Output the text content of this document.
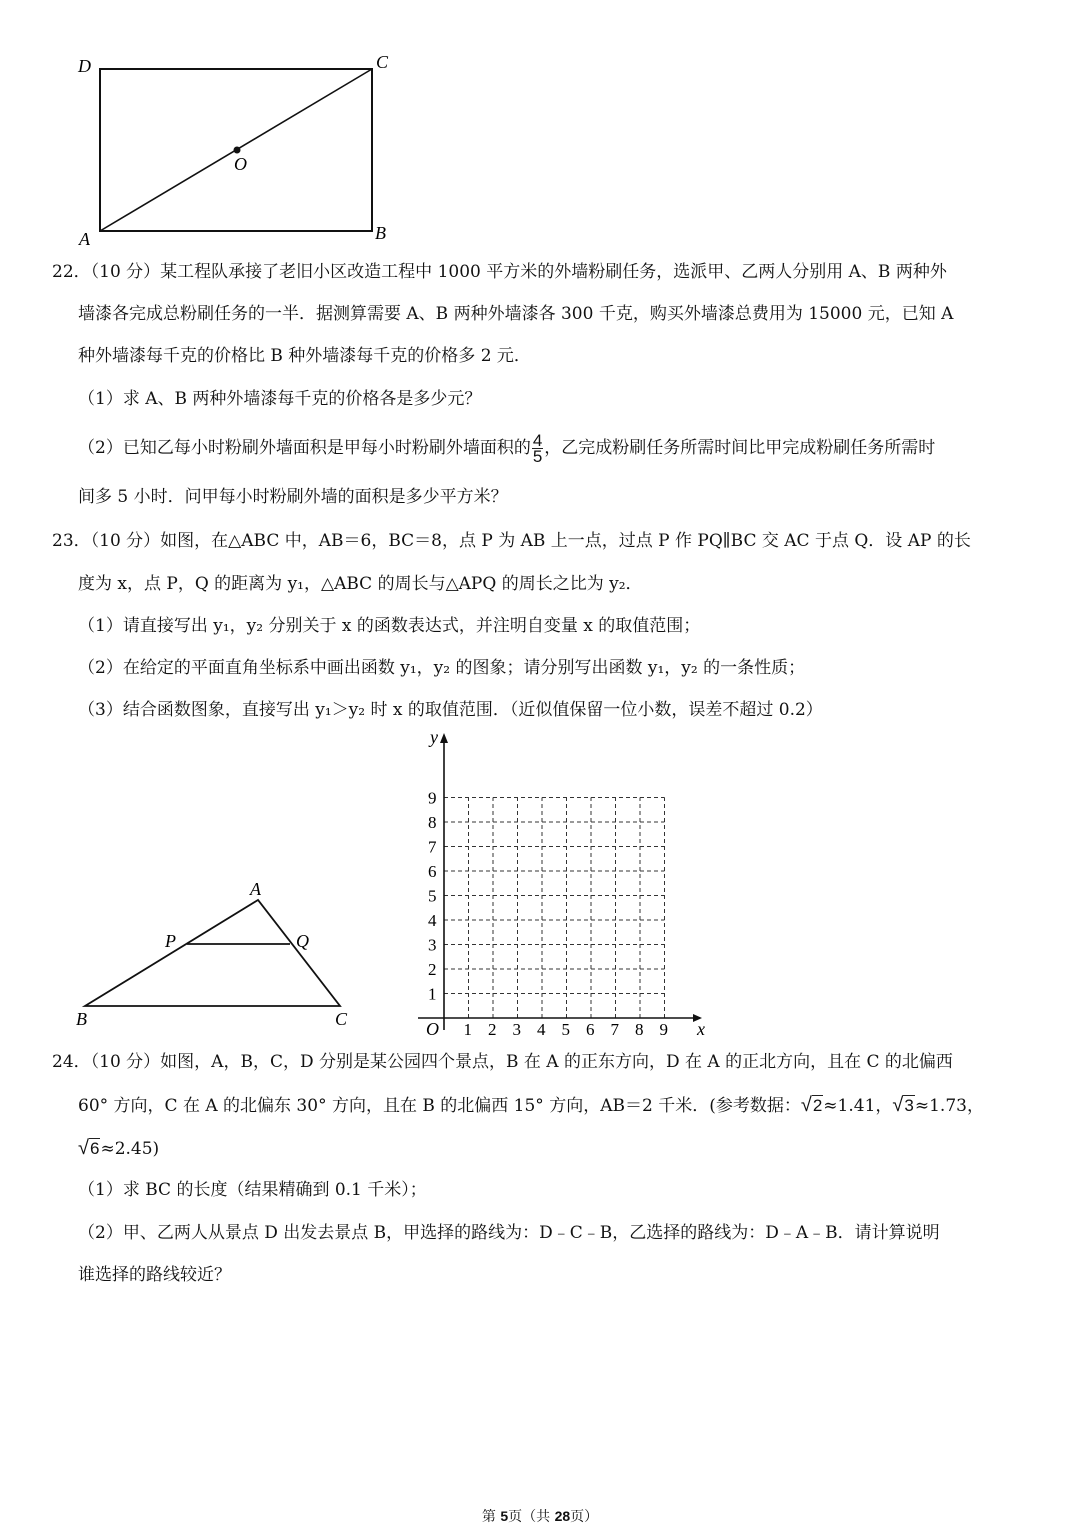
D	C
O
A	B
22．（10 分）某工程队承接了老旧小区改造工程中 1000 平方米的外墙粉刷任务，选派甲、乙两人分别用 A、B 两种外
墙漆各完成总粉刷任务的一半．据测算需要 A、B 两种外墙漆各 300 千克，购买外墙漆总费用为 15000 元，已知 A
种外墙漆每千克的价格比 B 种外墙漆每千克的价格多 2 元．
（1）求 A、B 两种外墙漆每千克的价格各是多少元？
（2）已知乙每小时粉刷外墙面积是甲每小时粉刷外墙面积的 $\frac{4}{5}$ ，乙完成粉刷任务所需时间比甲完成粉刷任务所需时
间多 5 小时．问甲每小时粉刷外墙的面积是多少平方米？
23．（10 分）如图，在△ABC 中，AB＝6，BC＝8，点 P 为 AB 上一点，过点 P 作 PQ∥BC 交 AC 于点 Q．设 AP 的长
度为 x，点 P，Q 的距离为 y₁，△ABC 的周长与△APQ 的周长之比为 y₂．
（1）请直接写出 y₁，y₂ 分别关于 x 的函数表达式，并注明自变量 x 的取值范围；
（2）在给定的平面直角坐标系中画出函数 y₁，y₂ 的图象；请分别写出函数 y₁，y₂ 的一条性质；
（3）结合函数图象，直接写出 y₁＞y₂ 时 x 的取值范围．（近似值保留一位小数，误差不超过 0.2）
A
P	Q
B	C
y
x
O 1 2 3 4 5 6 7 8 9
1
2
3
4
5
6
7
8
9
24．（10 分）如图，A，B，C，D 分别是某公园四个景点，B 在 A 的正东方向，D 在 A 的正北方向，且在 C 的北偏西
60° 方向，C 在 A 的北偏东 30° 方向，且在 B 的北偏西 15° 方向，AB＝2 千米．(参考数据：√2≈1.41，√3≈1.73，
√6≈2.45)
（1）求 BC 的长度（结果精确到 0.1 千米）；
（2）甲、乙两人从景点 D 出发去景点 B，甲选择的路线为：D﹣C﹣B，乙选择的路线为：D﹣A﹣B．请计算说明
谁选择的路线较近？
第 5页（共 28页）
